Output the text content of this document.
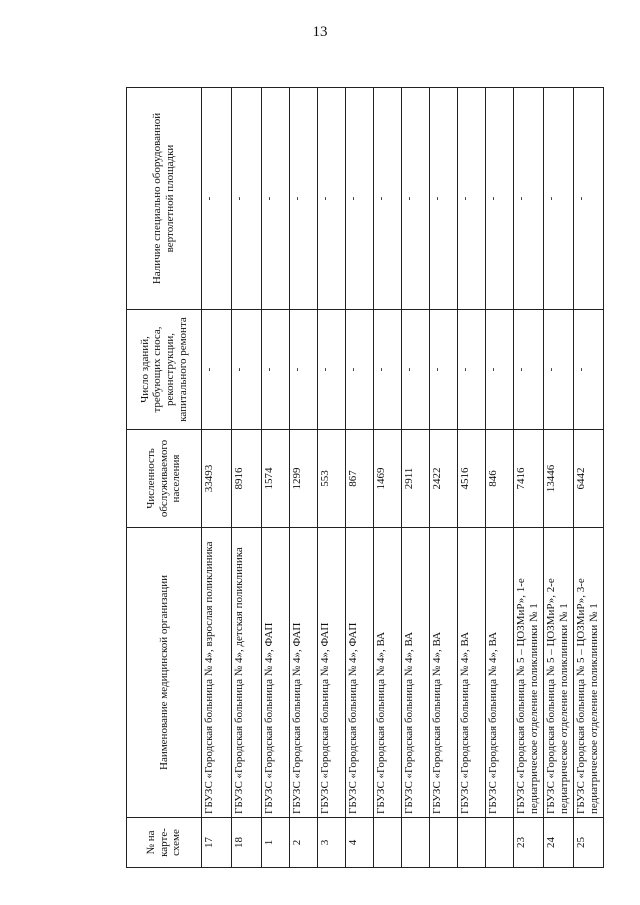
13
№ на карте-схеме	Наименование медицинской организации	Численность обслуживаемого населения	Число зданий, требующих сноса, реконструкции, капитального ремонта	Наличие специально оборудованной вертолетной площадки
17	ГБУЗС «Городская больница № 4», взрослая поликлиника	33493	-	-
18	ГБУЗС «Городская больница № 4», детская поликлиника	8916	-	-
1	ГБУЗС «Городская больница № 4», ФАП	1574	-	-
2	ГБУЗС «Городская больница № 4», ФАП	1299	-	-
3	ГБУЗС «Городская больница № 4», ФАП	553	-	-
4	ГБУЗС «Городская больница № 4», ФАП	867	-	-
	ГБУЗС «Городская больница № 4», ВА	1469	-	-
	ГБУЗС «Городская больница № 4», ВА	2911	-	-
	ГБУЗС «Городская больница № 4», ВА	2422	-	-
	ГБУЗС «Городская больница № 4», ВА	4516	-	-
	ГБУЗС «Городская больница № 4», ВА	846	-	-
23	ГБУЗС «Городская больница № 5 – ЦОЗМиР», 1-е педиатрическое отделение поликлиники № 1	7416	-	-
24	ГБУЗС «Городская больница № 5 – ЦОЗМиР», 2-е педиатрическое отделение поликлиники № 1	13446	-	-
25	ГБУЗС «Городская больница № 5 – ЦОЗМиР», 3-е педиатрическое отделение поликлиники № 1	6442	-	-
